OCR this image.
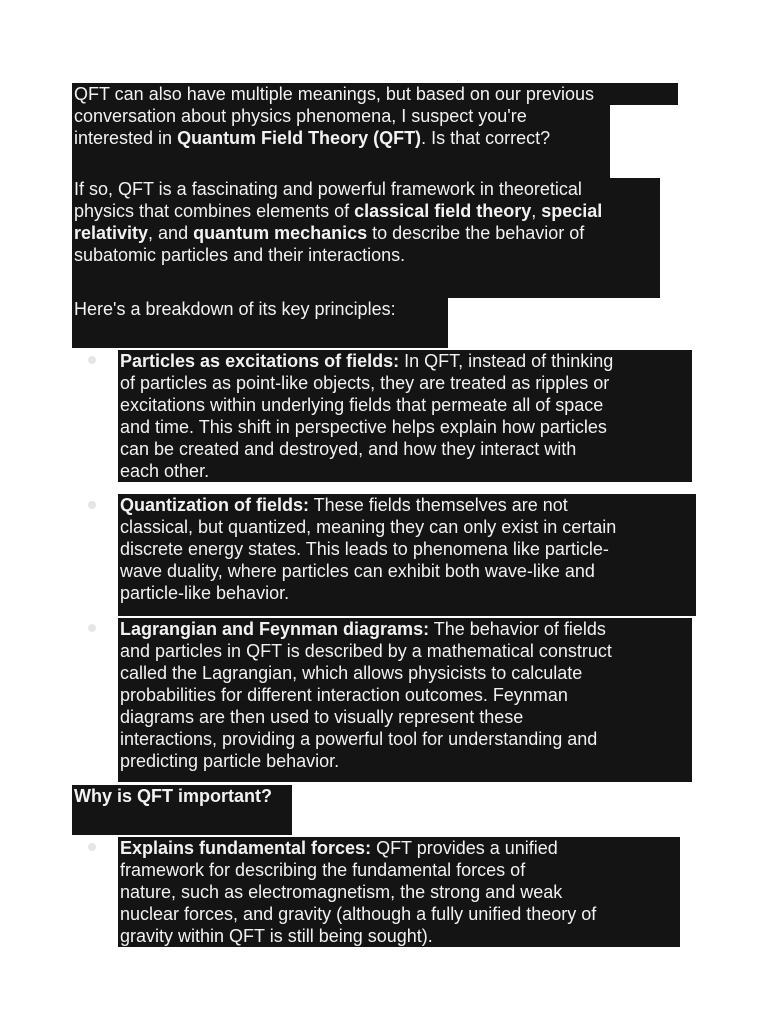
QFT can also have multiple meanings, but based on our previous
conversation about physics phenomena, I suspect you're
interested in Quantum Field Theory (QFT). Is that correct?
If so, QFT is a fascinating and powerful framework in theoretical
physics that combines elements of classical field theory, special
relativity, and quantum mechanics to describe the behavior of
subatomic particles and their interactions.
Here's a breakdown of its key principles:
Particles as excitations of fields: In QFT, instead of thinking
of particles as point-like objects, they are treated as ripples or
excitations within underlying fields that permeate all of space
and time. This shift in perspective helps explain how particles
can be created and destroyed, and how they interact with
each other.
Quantization of fields: These fields themselves are not
classical, but quantized, meaning they can only exist in certain
discrete energy states. This leads to phenomena like particle-
wave duality, where particles can exhibit both wave-like and
particle-like behavior.
Lagrangian and Feynman diagrams: The behavior of fields
and particles in QFT is described by a mathematical construct
called the Lagrangian, which allows physicists to calculate
probabilities for different interaction outcomes. Feynman
diagrams are then used to visually represent these
interactions, providing a powerful tool for understanding and
predicting particle behavior.
Why is QFT important?
Explains fundamental forces: QFT provides a unified
framework for describing the fundamental forces of
nature, such as electromagnetism, the strong and weak
nuclear forces, and gravity (although a fully unified theory of
gravity within QFT is still being sought).
